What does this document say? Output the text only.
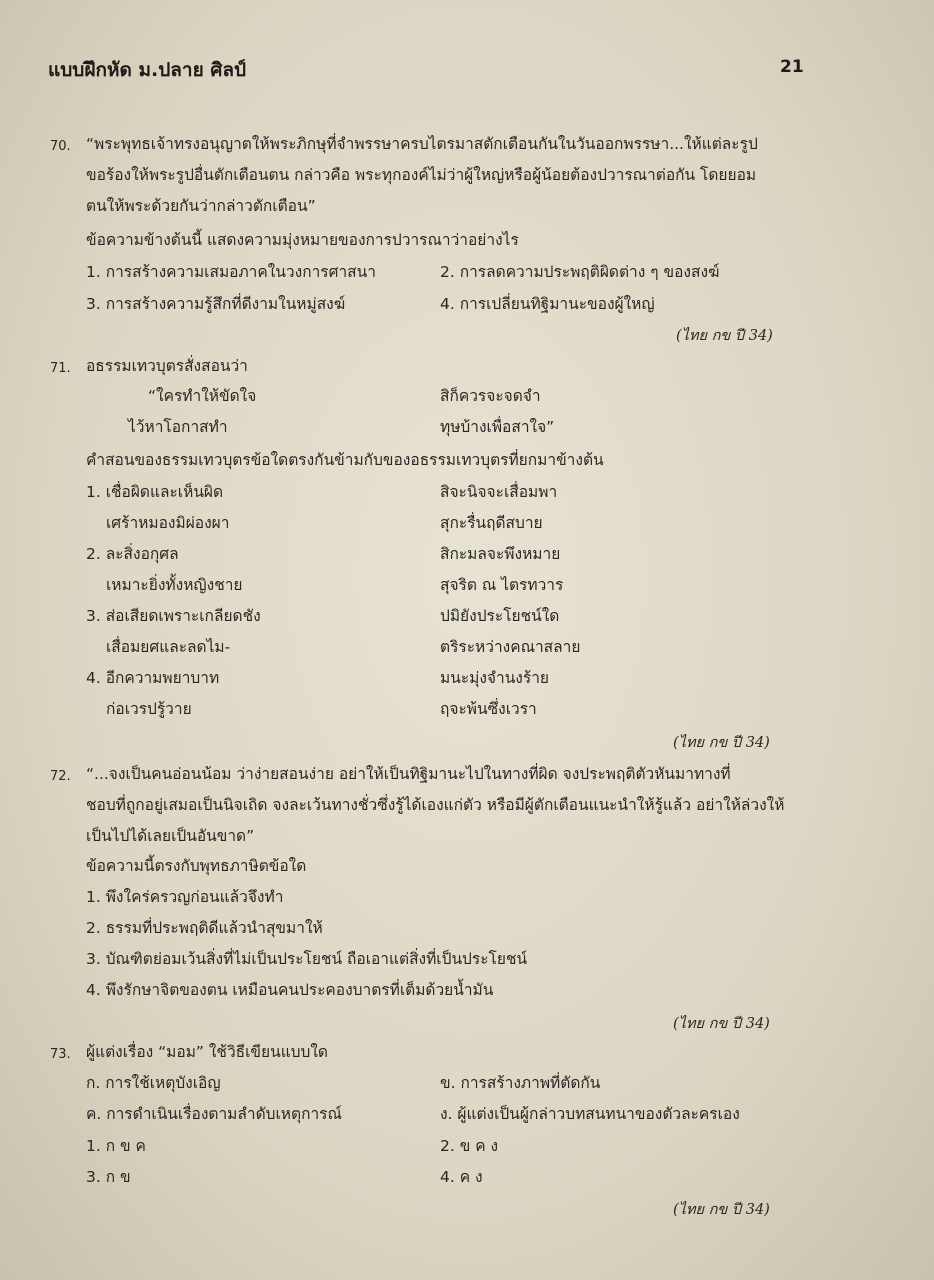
แบบฝึกหัด ม.ปลาย ศิลป์	21
70. “พระพุทธเจ้าทรงอนุญาตให้พระภิกษุที่จำพรรษาครบไตรมาสตักเตือนกันในวันออกพรรษา...ให้แต่ละรูป
ขอร้องให้พระรูปอื่นตักเตือนตน กล่าวคือ พระทุกองค์ไม่ว่าผู้ใหญ่หรือผู้น้อยต้องปวารณาต่อกัน โดยยอม
ตนให้พระด้วยกันว่ากล่าวตักเตือน”
ข้อความข้างต้นนี้ แสดงความมุ่งหมายของการปวารณาว่าอย่างไร
1. การสร้างความเสมอภาคในวงการศาสนา	2. การลดความประพฤติผิดต่าง ๆ ของสงฆ์
3. การสร้างความรู้สึกที่ดีงามในหมู่สงฆ์	4. การเปลี่ยนทิฐิมานะของผู้ใหญ่
(ไทย กข ปี 34)
71. อธรรมเทวบุตรสั่งสอนว่า
“ใครทำให้ขัดใจ	สิก็ควรจะจดจำ
ไว้หาโอกาสทำ	ทุษบ้างเพื่อสาใจ”
คำสอนของธรรมเทวบุตรข้อใดตรงกันข้ามกับของอธรรมเทวบุตรที่ยกมาข้างต้น
1. เชื่อผิดและเห็นผิด	สิจะนิจจะเสื่อมพา
เศร้าหมองมิผ่องผา	สุกะรื่นฤดีสบาย
2. ละสิ่งอกุศล	สิกะมลจะพึงหมาย
เหมาะยิ่งทั้งหญิงชาย	สุจริต ณ ไตรทวาร
3. ส่อเสียดเพราะเกลียดชัง	ปมิยังประโยชน์ใด
เสื่อมยศและลดไม-	ตริระหว่างคณาสลาย
4. อีกความพยาบาท	มนะมุ่งจำนงร้าย
ก่อเวรปรู้วาย	ฤจะพ้นซึ่งเวรา
(ไทย กข ปี 34)
72. “...จงเป็นคนอ่อนน้อม ว่าง่ายสอนง่าย อย่าให้เป็นทิฐิมานะไปในทางที่ผิด จงประพฤติตัวหันมาทางที่
ชอบที่ถูกอยู่เสมอเป็นนิจเถิด จงละเว้นทางชั่วซึ่งรู้ได้เองแก่ตัว หรือมีผู้ตักเตือนแนะนำให้รู้แล้ว อย่าให้ล่วงให้
เป็นไปได้เลยเป็นอันขาด”
ข้อความนี้ตรงกับพุทธภาษิตข้อใด
1. พึงใคร่ครวญก่อนแล้วจึงทำ
2. ธรรมที่ประพฤติดีแล้วนำสุขมาให้
3. บัณฑิตย่อมเว้นสิ่งที่ไม่เป็นประโยชน์ ถือเอาแต่สิ่งที่เป็นประโยชน์
4. พึงรักษาจิตของตน เหมือนคนประคองบาตรที่เต็มด้วยน้ำมัน
(ไทย กข ปี 34)
73. ผู้แต่งเรื่อง “มอม” ใช้วิธีเขียนแบบใด
ก. การใช้เหตุบังเอิญ	ข. การสร้างภาพที่ตัดกัน
ค. การดำเนินเรื่องตามลำดับเหตุการณ์	ง. ผู้แต่งเป็นผู้กล่าวบทสนทนาของตัวละครเอง
1. ก ข ค	2. ข ค ง
3. ก ข	4. ค ง
(ไทย กข ปี 34)
